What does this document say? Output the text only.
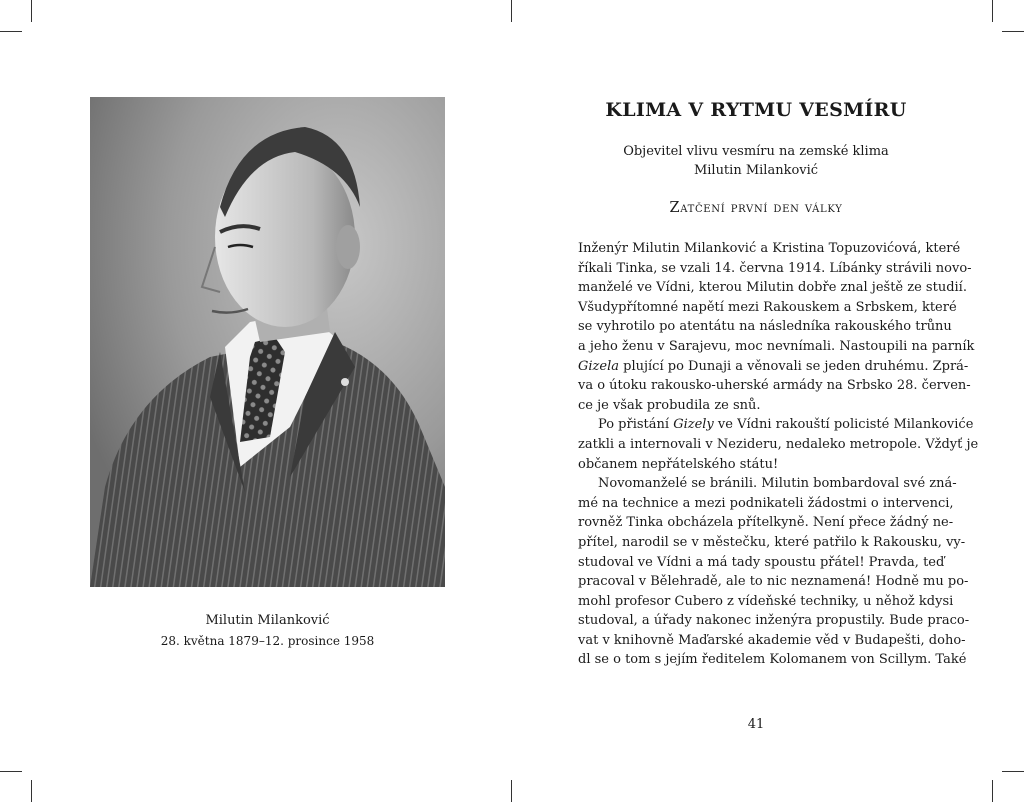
Milutin Milanković
28. května 1879–12. prosince 1958
KLIMA V RYTMU VESMÍRU
Objevitel vlivu vesmíru na zemské klima
Milutin Milanković
Zatčení první den války
Inženýr Milutin Milanković a Kristina Topuzovićová, které
říkali Tinka, se vzali 14. června 1914. Líbánky strávili novo-
manželé ve Vídni, kterou Milutin dobře znal ještě ze studií.
Všudypřítomné napětí mezi Rakouskem a Srbskem, které
se vyhrotilo po atentátu na následníka rakouského trůnu
a jeho ženu v Sarajevu, moc nevnímali. Nastoupili na parník
Gizela plující po Dunaji a věnovali se jeden druhému. Zprá-
va o útoku rakousko-uherské armády na Srbsko 28. červen-
ce je však probudila ze snů.
Po přistání Gizely ve Vídni rakouští policisté Milankoviće
zatkli a internovali v Nezideru, nedaleko metropole. Vždyť je
občanem nepřátelského státu!
Novomanželé se bránili. Milutin bombardoval své zná-
mé na technice a mezi podnikateli žádostmi o intervenci,
rovněž Tinka obcházela přítelkyně. Není přece žádný ne-
přítel, narodil se v městečku, které patřilo k Rakousku, vy-
studoval ve Vídni a má tady spoustu přátel! Pravda, teď
pracoval v Bělehradě, ale to nic neznamená! Hodně mu po-
mohl profesor Cubero z vídeňské techniky, u něhož kdysi
studoval, a úřady nakonec inženýra propustily. Bude praco-
vat v knihovně Maďarské akademie věd v Budapešti, doho-
dl se o tom s jejím ředitelem Kolomanem von Scillym. Také
41
